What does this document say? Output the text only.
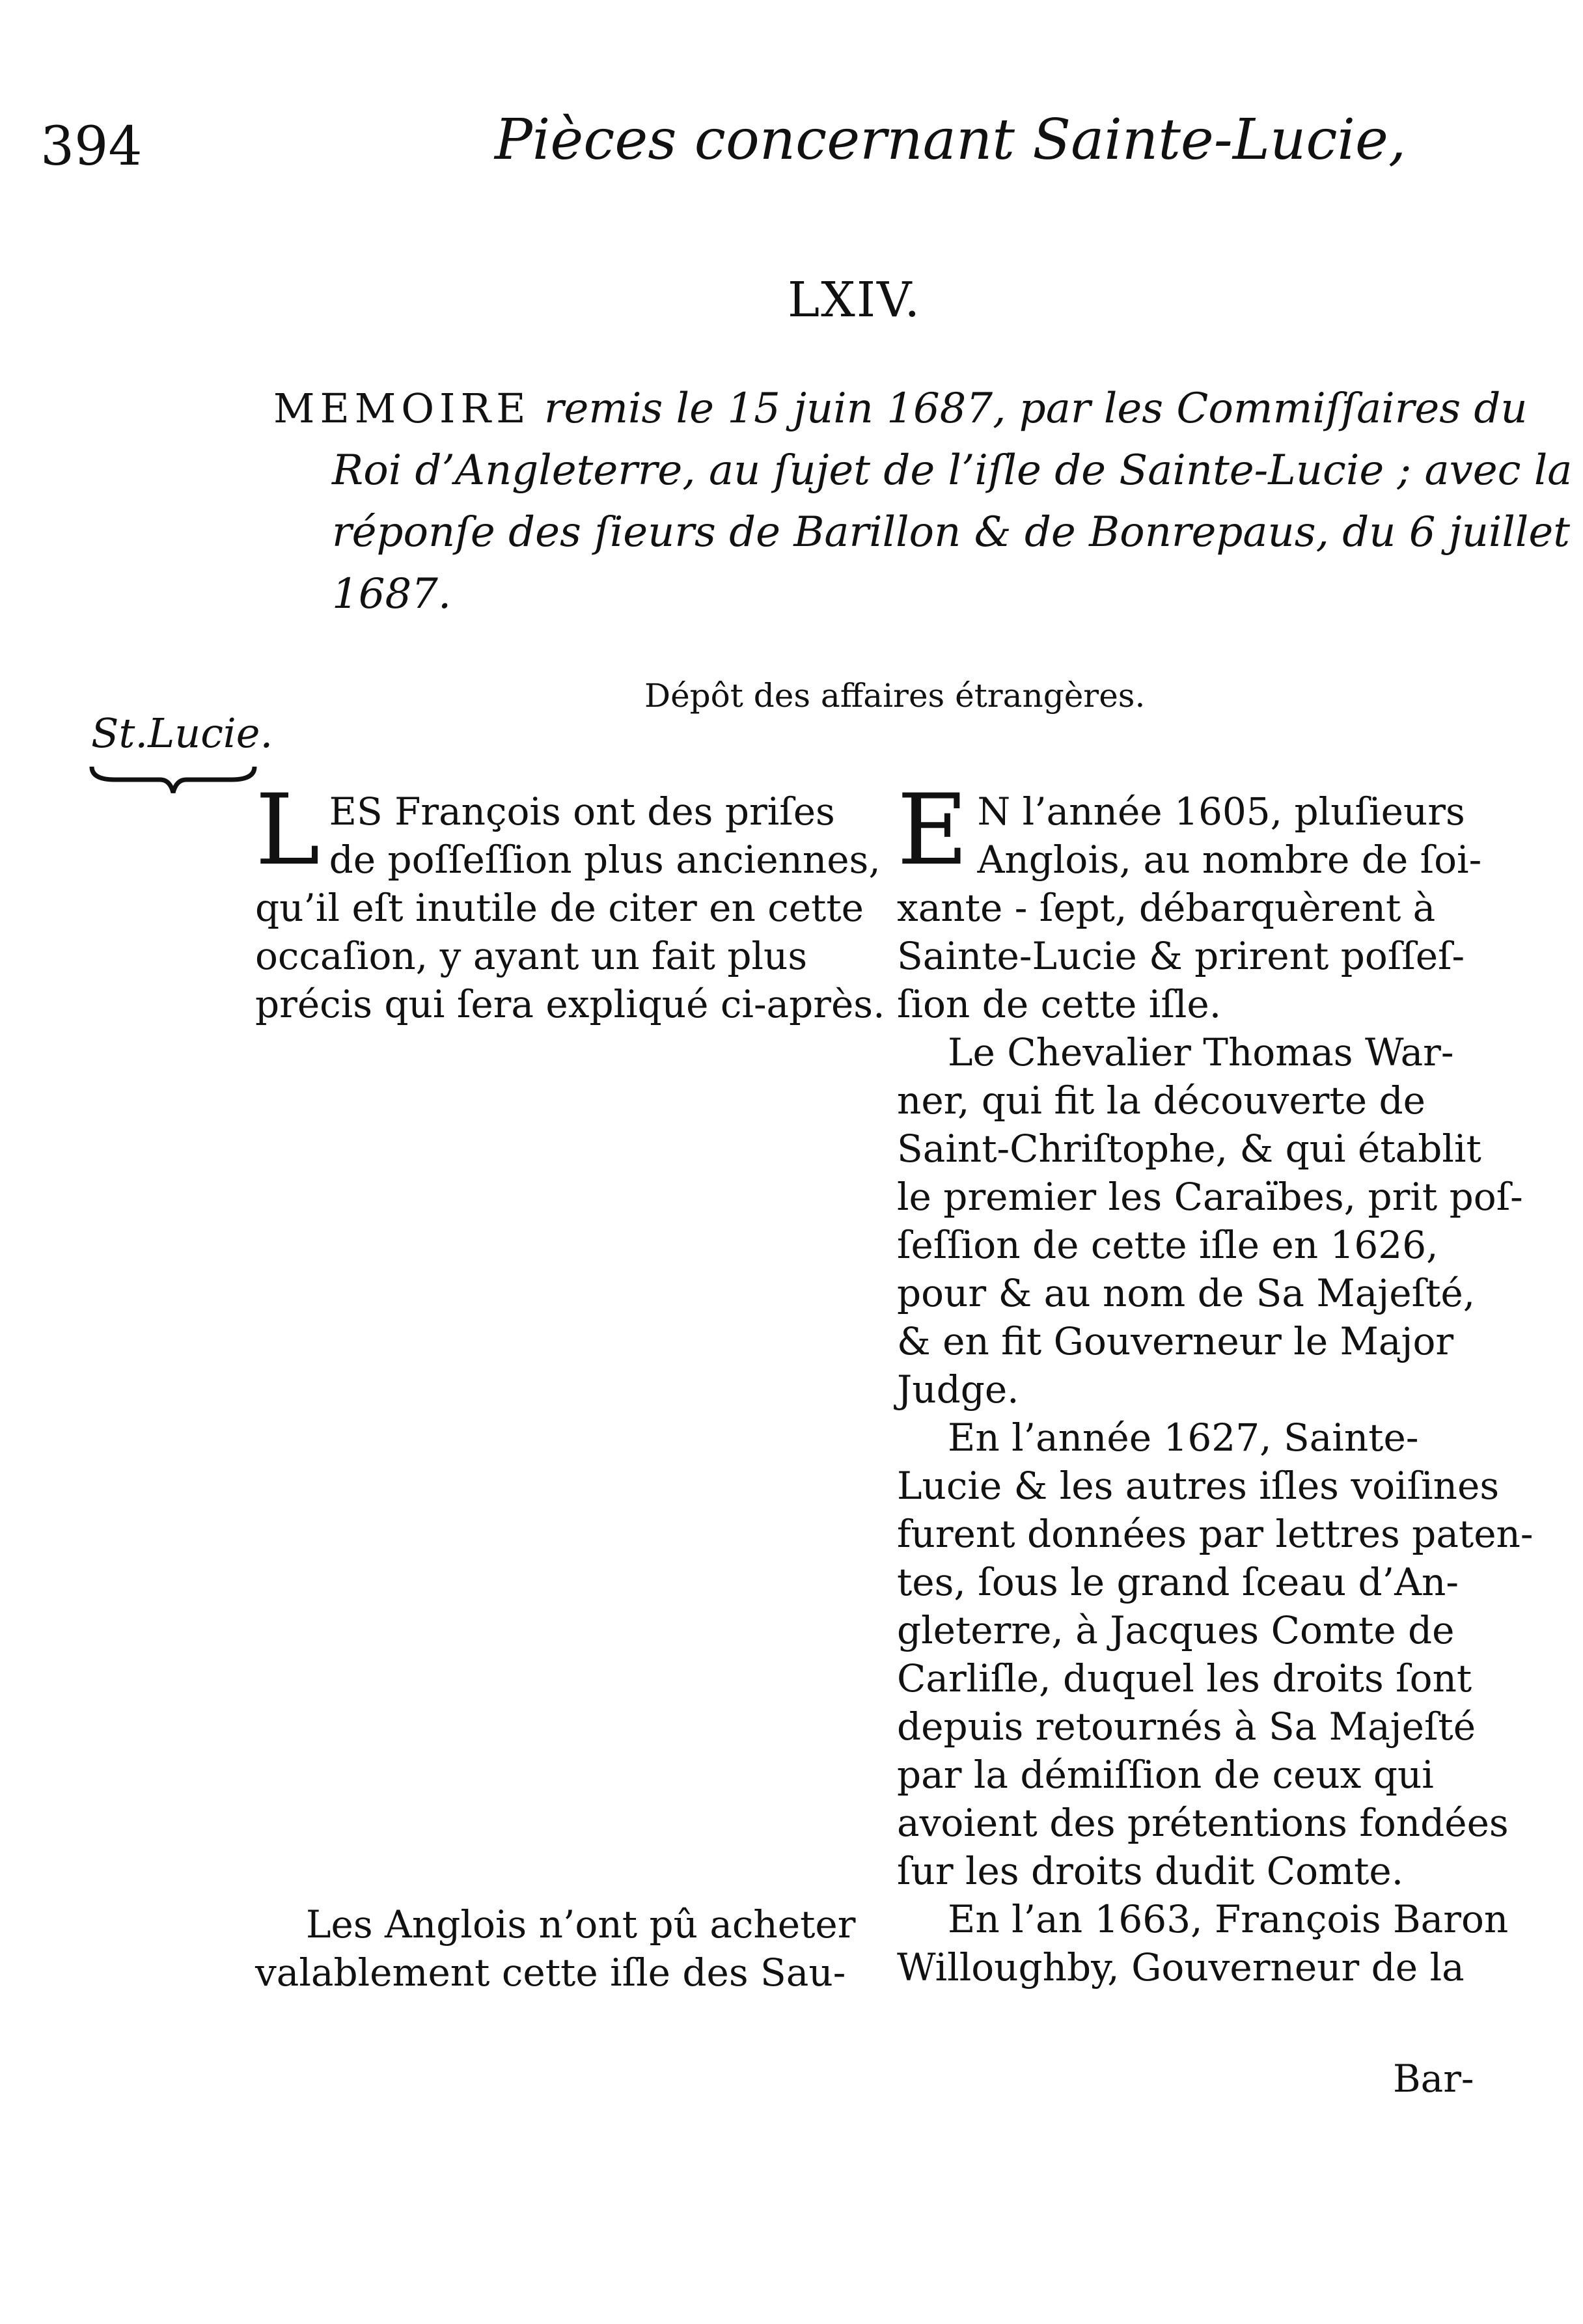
394	Pièces concernant Sainte-Lucie,
LXIV.
MEMOIRE remis le 15 juin 1687, par les Commiſſaires du
Roi d’Angleterre, au ſujet de l’iſle de Sainte-Lucie ; avec la
réponſe des ſieurs de Barillon & de Bonrepaus, du 6 juillet
1687.
Dépôt des affaires étrangères.
St.Lucie.
L ES François ont des priſes
de poſſeſſion plus anciennes,
qu’il eſt inutile de citer en cette
occaſion, y ayant un fait plus
précis qui ſera expliqué ci-après.
Les Anglois n’ont pû acheter
valablement cette iſle des Sau-
E N l’année 1605, pluſieurs
Anglois, au nombre de ſoi-
xante - ſept, débarquèrent à
Sainte-Lucie & prirent poſſeſ-
ſion de cette iſle.
Le Chevalier Thomas War-
ner, qui fit la découverte de
Saint-Chriſtophe, & qui établit
le premier les Caraïbes, prit poſ-
ſeſſion de cette iſle en 1626,
pour & au nom de Sa Majeſté,
& en fit Gouverneur le Major
Judge.
En l’année 1627, Sainte-
Lucie & les autres iſles voiſines
furent données par lettres paten-
tes, ſous le grand ſceau d’An-
gleterre, à Jacques Comte de
Carliſle, duquel les droits ſont
depuis retournés à Sa Majeſté
par la démiſſion de ceux qui
avoient des prétentions fondées
ſur les droits dudit Comte.
En l’an 1663, François Baron
Willoughby, Gouverneur de la
Bar-
